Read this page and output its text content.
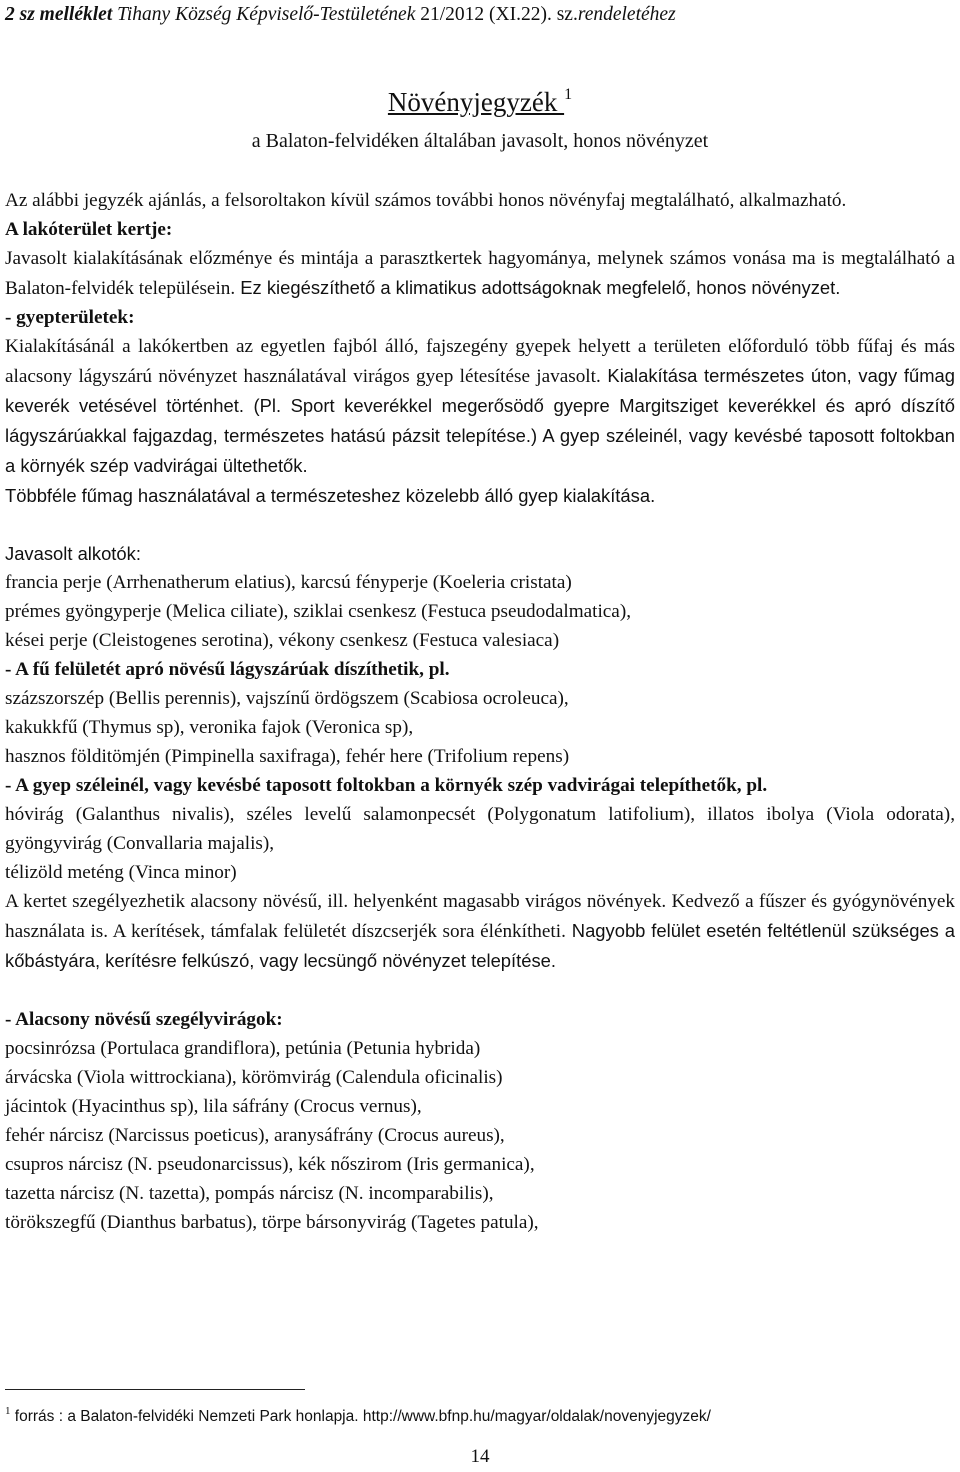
2 sz melléklet Tihany Község Képviselő-Testületének 21/2012 (XI.22). sz.rendeletéhez
Növényjegyzék $^1$
a Balaton-felvidéken általában javasolt, honos növényzet

Az alábbi jegyzék ajánlás, a felsoroltakon kívül számos további honos növényfaj megtalálható, alkalmazható.

A lakóterület kertje:

Javasolt kialakításának előzménye és mintája a parasztkertek hagyománya, melynek számos vonása ma is megtalálható a Balaton-felvidék településein. Ez kiegészíthető a klimatikus adottságoknak megfelelő, honos növényzet.

- gyepterületek:

Kialakításánál a lakókertben az egyetlen fajból álló, fajszegény gyepek helyett a területen előforduló több fűfaj és más alacsony lágyszárú növényzet használatával virágos gyep létesítése javasolt. Kialakítása természetes úton, vagy fűmag keverék vetésével történhet. (Pl. Sport keverékkel megerősödő gyepre Margitsziget keverékkel és apró díszítő lágyszárúakkal fajgazdag, természetes hatású pázsit telepítése.) A gyep széleinél, vagy kevésbé taposott foltokban a környék szép vadvirágai ültethetők.

Többféle fűmag használatával a természeteshez közelebb álló gyep kialakítása.

Javasolt alkotók:

francia perje (Arrhenatherum elatius), karcsú fényperje (Koeleria cristata)

prémes gyöngyperje (Melica ciliate), sziklai csenkesz (Festuca pseudodalmatica),

kései perje (Cleistogenes serotina), vékony csenkesz (Festuca valesiaca)

- A fű felületét apró növésű lágyszárúak díszíthetik, pl.

százszorszép (Bellis perennis), vajszínű ördögszem (Scabiosa ocroleuca),

kakukkfű (Thymus sp), veronika fajok (Veronica sp),

hasznos földitömjén (Pimpinella saxifraga), fehér here (Trifolium repens)

- A gyep széleinél, vagy kevésbé taposott foltokban a környék szép vadvirágai telepíthetők, pl.

hóvirág (Galanthus nivalis), széles levelű salamonpecsét (Polygonatum latifolium), illatos ibolya (Viola odorata), gyöngyvirág (Convallaria majalis),

télizöld meténg (Vinca minor)

A kertet szegélyezhetik alacsony növésű, ill. helyenként magasabb virágos növények. Kedvező a fűszer és gyógynövények használata is. A kerítések, támfalak felületét díszcserjék sora élénkítheti. Nagyobb felület esetén feltétlenül szükséges a kőbástyára, kerítésre felkúszó, vagy lecsüngő növényzet telepítése.

- Alacsony növésű szegélyvirágok:

pocsinrózsa (Portulaca grandiflora), petúnia (Petunia hybrida)

árvácska (Viola wittrockiana), körömvirág (Calendula oficinalis)

jácintok (Hyacinthus sp), lila sáfrány (Crocus vernus),

fehér nárcisz (Narcissus poeticus), aranysáfrány (Crocus aureus),

csupros nárcisz (N. pseudonarcissus), kék nőszirom (Iris germanica),

tazetta nárcisz (N. tazetta), pompás nárcisz (N. incomparabilis),

törökszegfű (Dianthus barbatus), törpe bársonyvirág (Tagetes patula),

$^1$ forrás : a Balaton-felvidéki Nemzeti Park honlapja. http://www.bfnp.hu/magyar/oldalak/novenyjegyzek/
14
